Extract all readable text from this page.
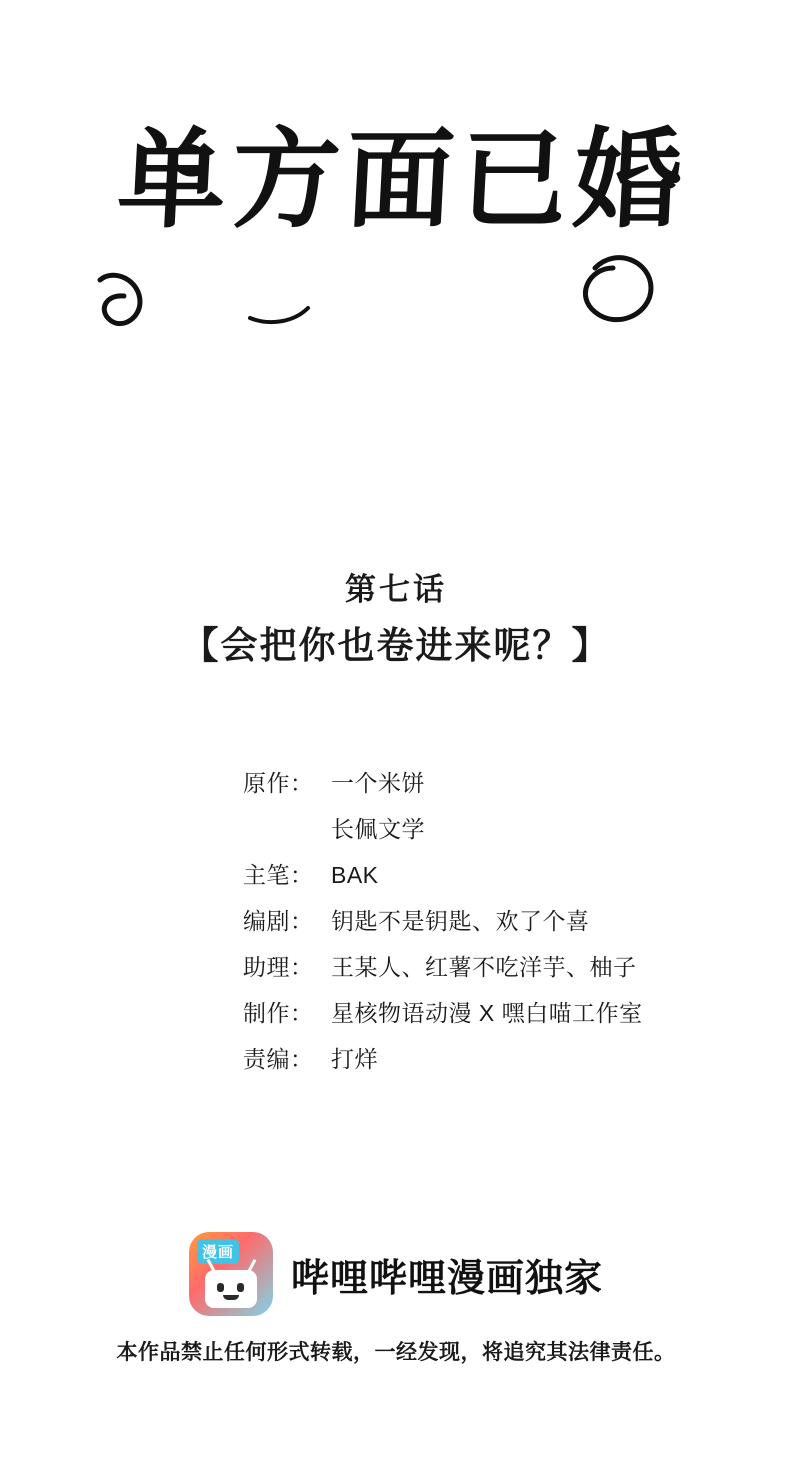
单方面已婚
第七话
【会把你也卷进来呢？】
原作： 一个米饼
长佩文学
主笔： BAK
编剧： 钥匙不是钥匙、欢了个喜
助理： 王某人、红薯不吃洋芋、柚子
制作： 星核物语动漫 X 嘿白喵工作室
责编： 打烊
漫画
哔哩哔哩漫画独家
本作品禁止任何形式转载，一经发现，将追究其法律责任。
